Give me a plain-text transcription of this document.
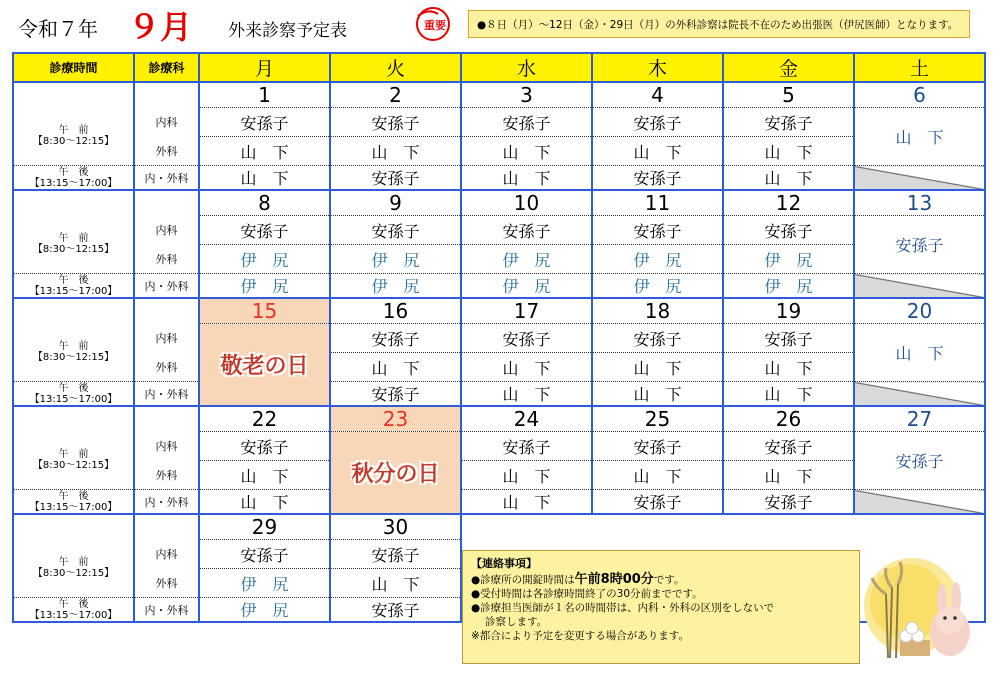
令和７年 ９月 外来診察予定表	重要	●８日（月）〜12日（金）・29日（月）の外科診察は院長不在のため出張医（伊尻医師）となります。
診療時間	診療科	月	火	水	木	金	土
		1	2	3	4	5	6

午　前
【8:30〜12:15】	内科	安孫子	安孫子	安孫子	安孫子	安孫子	山　下
	外科	山　下	山　下	山　下	山　下	山　下	

午　後
【13:15〜17:00】	内・外科	山　下	安孫子	山　下	安孫子	山　下	
		8	9	10	11	12	13

午　前
【8:30〜12:15】	内科	安孫子	安孫子	安孫子	安孫子	安孫子	安孫子
	外科	伊　尻	伊　尻	伊　尻	伊　尻	伊　尻	

午　後
【13:15〜17:00】	内・外科	伊　尻	伊　尻	伊　尻	伊　尻	伊　尻	
		15	16	17	18	19	20

午　前
【8:30〜12:15】	内科	敬老の日	安孫子	安孫子	安孫子	安孫子	山　下
	外科		山　下	山　下	山　下	山　下	

午　後
【13:15〜17:00】	内・外科		安孫子	山　下	山　下	山　下	
		22	23	24	25	26	27

午　前
【8:30〜12:15】	内科	安孫子	秋分の日	安孫子	安孫子	安孫子	安孫子
	外科	山　下		山　下	山　下	山　下	

午　後
【13:15〜17:00】	内・外科	山　下		山　下	安孫子	安孫子	
		29	30				

午　前
【8:30〜12:15】	内科	安孫子	安孫子				
	外科	伊　尻	山　下				

午　後
【13:15〜17:00】	内・外科	伊　尻	安孫子				
【連絡事項】
●診療所の開錠時間は午前8時00分です。
●受付時間は各診療時間終了の30分前までです。
●診療担当医師が１名の時間帯は、内科・外科の区別をしないで
診察します。
※都合により予定を変更する場合があります。
